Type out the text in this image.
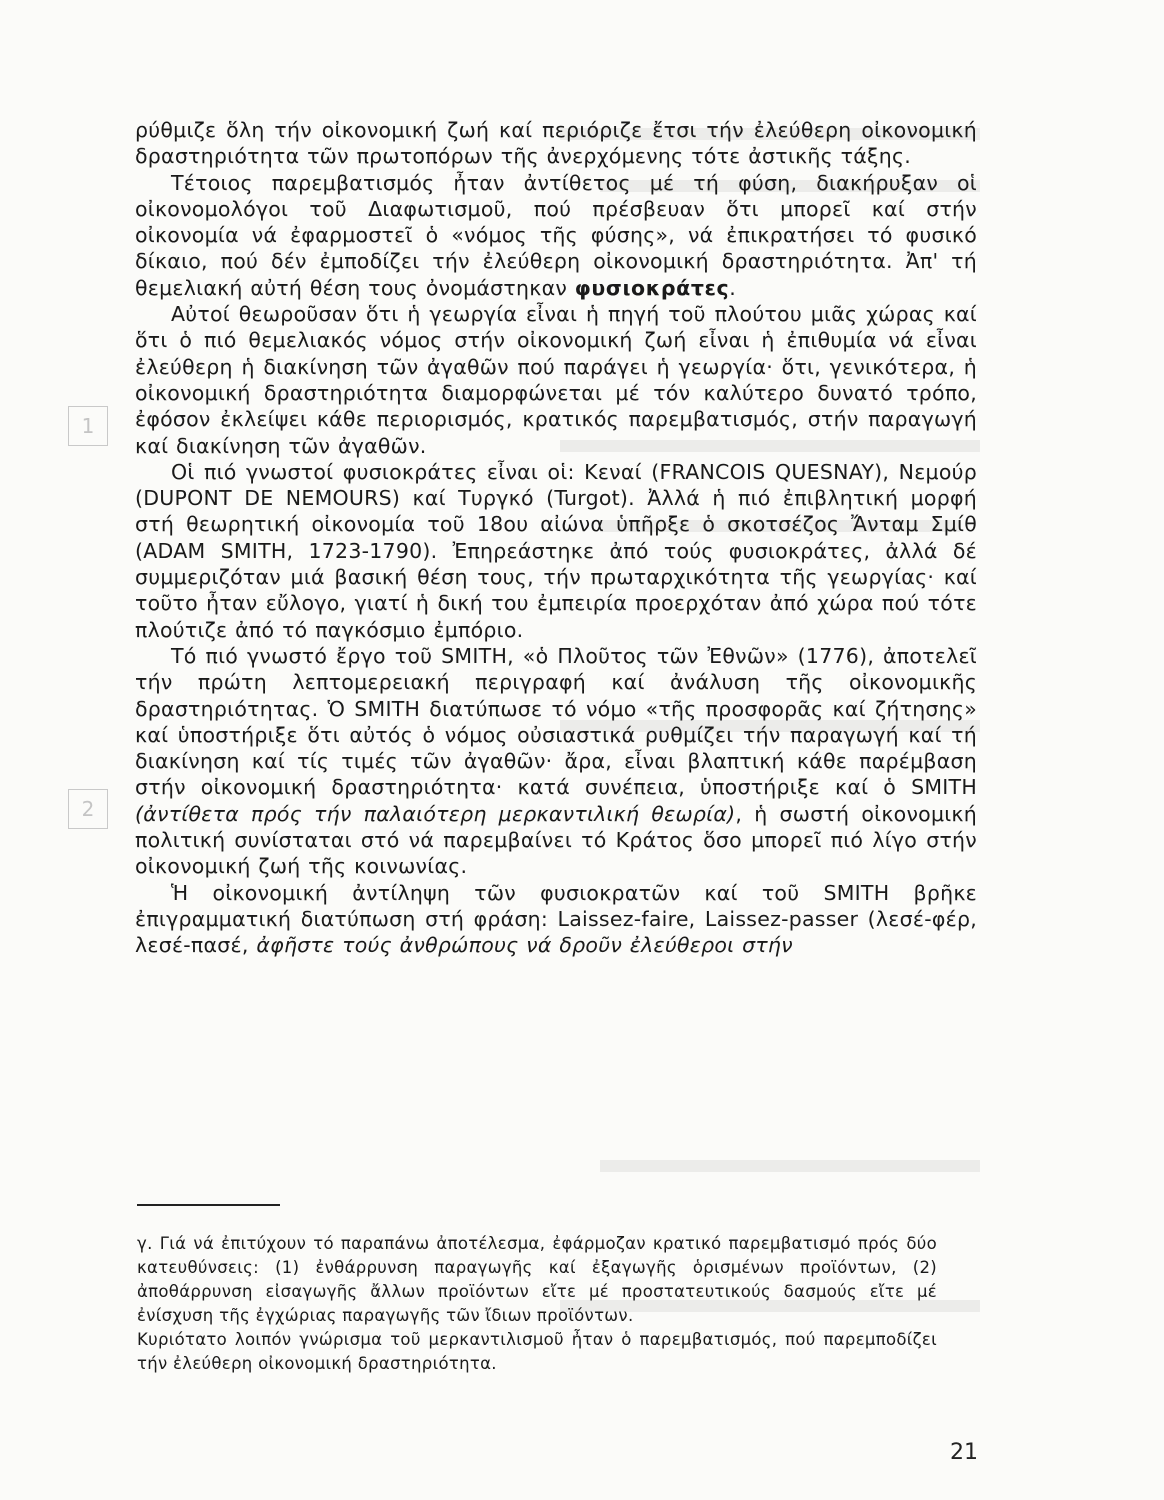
1
2

ρύθμιζε ὅλη τήν οἰκονομική ζωή καί περιόριζε ἔτσι τήν ἐλεύθερη οἰκονομική δραστηριότητα τῶν πρωτοπόρων τῆς ἀνερχόμενης τότε ἀστικῆς τάξης.

Τέτοιος παρεμβατισμός ἦταν ἀντίθετος μέ τή φύση, διακήρυξαν οἱ οἰκονομολόγοι τοῦ Διαφωτισμοῦ, πού πρέσβευαν ὅτι μπορεῖ καί στήν οἰκονομία νά ἐφαρμοστεῖ ὁ «νόμος τῆς φύσης», νά ἐπικρατήσει τό φυσικό δίκαιο, πού δέν ἐμποδίζει τήν ἐλεύθερη οἰκονομική δραστηριότητα. Ἀπ' τή θεμελιακή αὐτή θέση τους ὀνομάστηκαν φυσιοκράτες.

Αὐτοί θεωροῦσαν ὅτι ἡ γεωργία εἶναι ἡ πηγή τοῦ πλούτου μιᾶς χώρας καί ὅτι ὁ πιό θεμελιακός νόμος στήν οἰκονομική ζωή εἶναι ἡ ἐπιθυμία νά εἶναι ἐλεύθερη ἡ διακίνηση τῶν ἀγαθῶν πού παράγει ἡ γεωργία· ὅτι, γενικότερα, ἡ οἰκονομική δραστηριότητα διαμορφώνεται μέ τόν καλύτερο δυνατό τρόπο, ἐφόσον ἐκλείψει κάθε περιορισμός, κρατικός παρεμβατισμός, στήν παραγωγή καί διακίνηση τῶν ἀγαθῶν.

Οἱ πιό γνωστοί φυσιοκράτες εἶναι οἱ: Κεναί (FRANCOIS QUESNAY), Νεμούρ (DUPONT DE NEMOURS) καί Τυργκό (Turgot). Ἀλλά ἡ πιό ἐπιβλητική μορφή στή θεωρητική οἰκονομία τοῦ 18ου αἰώνα ὑπῆρξε ὁ σκοτσέζος Ἄνταμ Σμίθ (ADAM SMITH, 1723-1790). Ἐπηρεάστηκε ἀπό τούς φυσιοκράτες, ἀλλά δέ συμμεριζόταν μιά βασική θέση τους, τήν πρωταρχικότητα τῆς γεωργίας· καί τοῦτο ἦταν εὔλογο, γιατί ἡ δική του ἐμπειρία προερχόταν ἀπό χώρα πού τότε πλούτιζε ἀπό τό παγκόσμιο ἐμπόριο.

Τό πιό γνωστό ἔργο τοῦ SMITH, «ὁ Πλοῦτος τῶν Ἐθνῶν» (1776), ἀποτελεῖ τήν πρώτη λεπτομερειακή περιγραφή καί ἀνάλυση τῆς οἰκονομικῆς δραστηριότητας. Ὁ SMITH διατύπωσε τό νόμο «τῆς προσφορᾶς καί ζήτησης» καί ὑποστήριξε ὅτι αὐτός ὁ νόμος οὐσιαστικά ρυθμίζει τήν παραγωγή καί τή διακίνηση καί τίς τιμές τῶν ἀγαθῶν· ἄρα, εἶναι βλαπτική κάθε παρέμβαση στήν οἰκονομική δραστηριότητα· κατά συνέπεια, ὑποστήριξε καί ὁ SMITH (ἀντίθετα πρός τήν παλαιότερη μερκαντιλική θεωρία), ἡ σωστή οἰκονομική πολιτική συνίσταται στό νά παρεμβαίνει τό Κράτος ὅσο μπορεῖ πιό λίγο στήν οἰκονομική ζωή τῆς κοινωνίας.

Ἡ οἰκονομική ἀντίληψη τῶν φυσιοκρατῶν καί τοῦ SMITH βρῆκε ἐπιγραμματική διατύπωση στή φράση: Laissez-faire, Laissez-passer (λεσέ-φέρ, λεσέ-πασέ, ἀφῆστε τούς ἀνθρώπους νά δροῦν ἐλεύθεροι στήν

γ. Γιά νά ἐπιτύχουν τό παραπάνω ἀποτέλεσμα, ἐφάρμοζαν κρατικό παρεμβατισμό πρός δύο κατευθύνσεις: (1) ἐνθάρρυνση παραγωγῆς καί ἐξαγωγῆς ὁρισμένων προϊόντων, (2) ἀποθάρρυνση εἰσαγωγῆς ἄλλων προϊόντων εἴτε μέ προστατευτικούς δασμούς εἴτε μέ ἐνίσχυση τῆς ἐγχώριας παραγωγῆς τῶν ἴδιων προϊόντων.

Κυριότατο λοιπόν γνώρισμα τοῦ μερκαντιλισμοῦ ἦταν ὁ παρεμβατισμός, πού παρεμποδίζει τήν ἐλεύθερη οἰκονομική δραστηριότητα.

21
